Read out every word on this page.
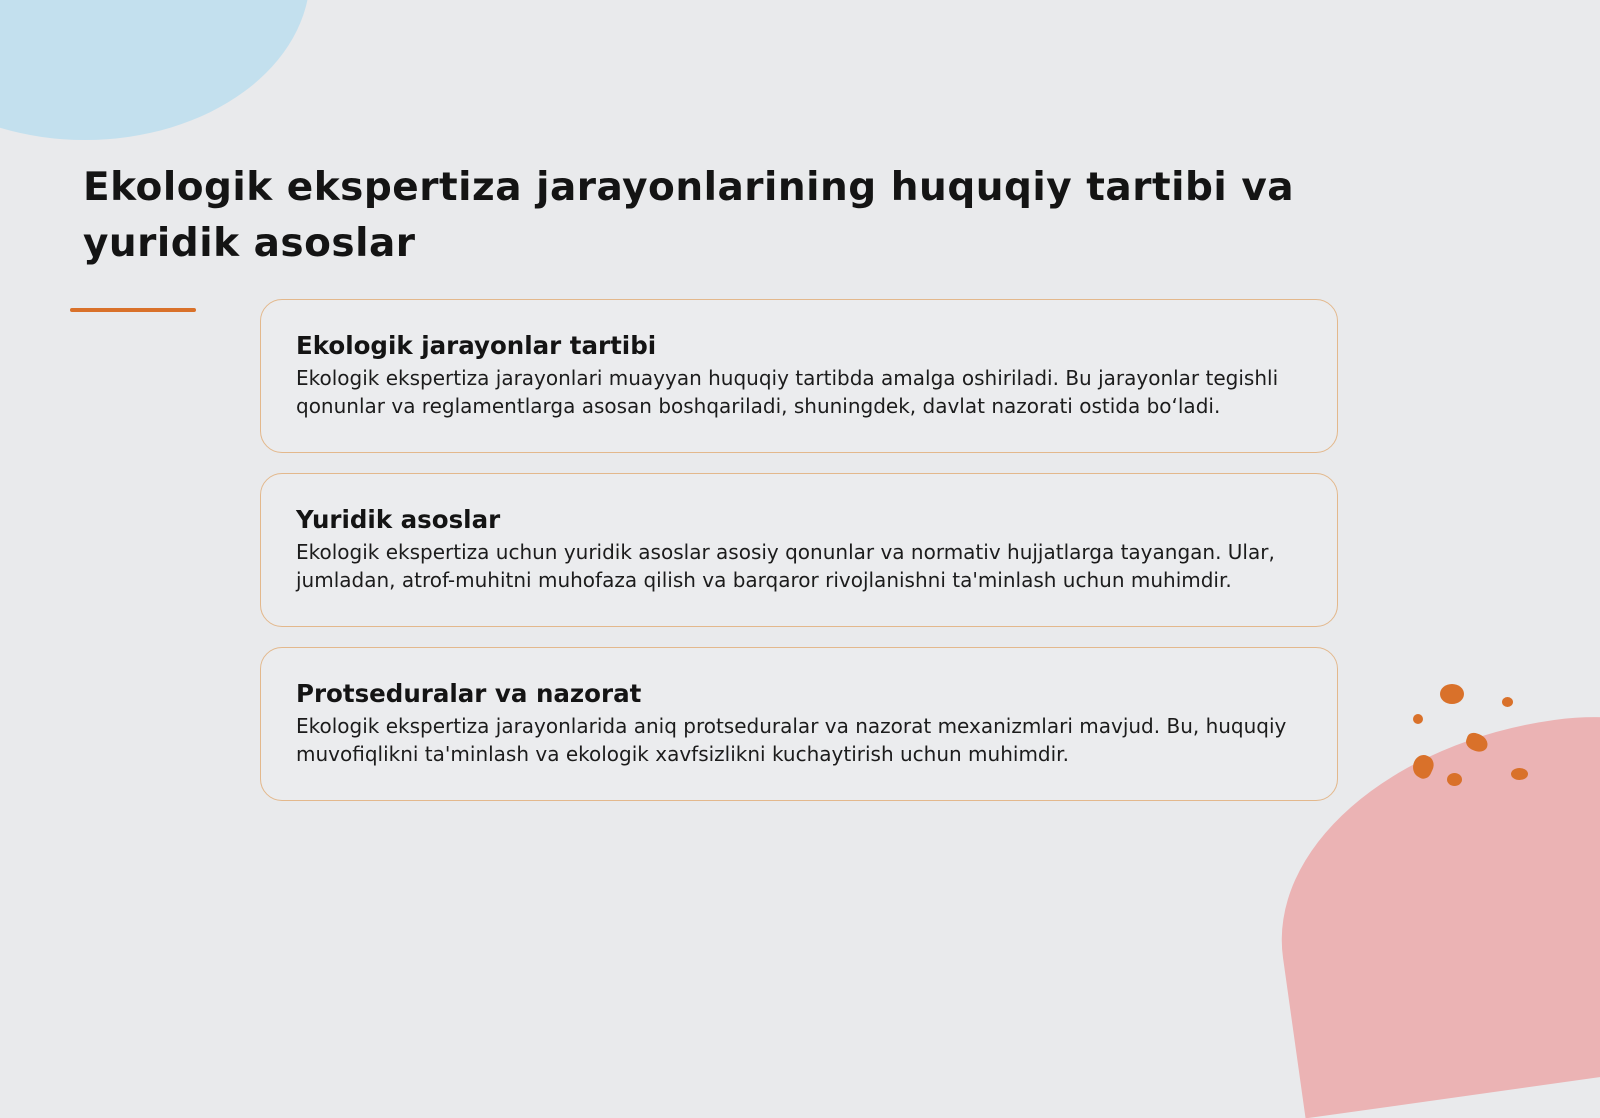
Ekologik ekspertiza jarayonlarining huquqiy tartibi va yuridik asoslar
Ekologik jarayonlar tartibi

Ekologik ekspertiza jarayonlari muayyan huquqiy tartibda amalga oshiriladi. Bu jarayonlar tegishli qonunlar va reglamentlarga asosan boshqariladi, shuningdek, davlat nazorati ostida bo‘ladi.

Yuridik asoslar

Ekologik ekspertiza uchun yuridik asoslar asosiy qonunlar va normativ hujjatlarga tayangan. Ular, jumladan, atrof-muhitni muhofaza qilish va barqaror rivojlanishni ta'minlash uchun muhimdir.

Protseduralar va nazorat

Ekologik ekspertiza jarayonlarida aniq protseduralar va nazorat mexanizmlari mavjud. Bu, huquqiy muvofiqlikni ta'minlash va ekologik xavfsizlikni kuchaytirish uchun muhimdir.
